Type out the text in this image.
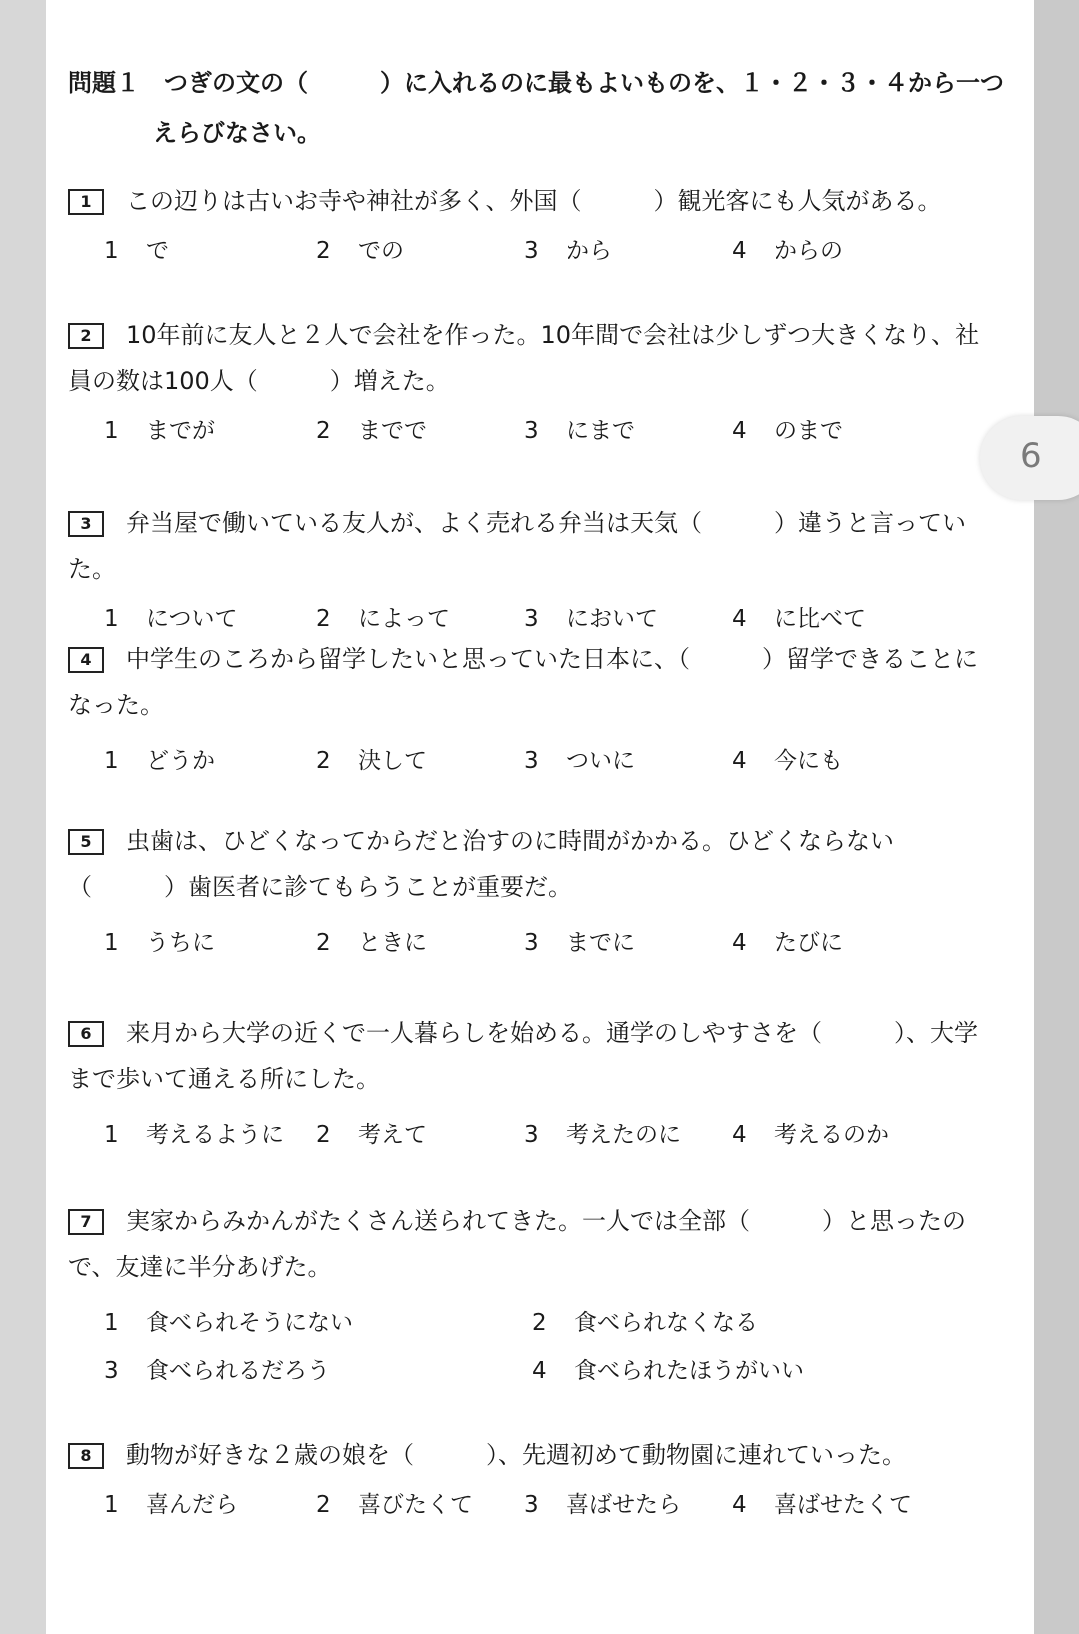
6
問題１　つぎの文の（　　　）に入れるのに最もよいものを、１・２・３・４から一つ
えらびなさい。
1 この辺りは古いお寺や神社が多く、外国（　　　）観光客にも人気がある。
1 で	2 での	3 から	4 からの
2 10年前に友人と２人で会社を作った。10年間で会社は少しずつ大きくなり、社員の数は100人（　　　）増えた。
1 までが	2 までで	3 にまで	4 のまで
3 弁当屋で働いている友人が、よく売れる弁当は天気（　　　）違うと言っていた。
1 について	2 によって	3 において	4 に比べて
4 中学生のころから留学したいと思っていた日本に、（　　　）留学できることになった。
1 どうか	2 決して	3 ついに	4 今にも
5 虫歯は、ひどくなってからだと治すのに時間がかかる。ひどくならない（　　　）歯医者に診てもらうことが重要だ。
1 うちに	2 ときに	3 までに	4 たびに
6 来月から大学の近くで一人暮らしを始める。通学のしやすさを（　　　）、大学まで歩いて通える所にした。
1 考えるように 2 考えて	3 考えたのに 4 考えるのか
7 実家からみかんがたくさん送られてきた。一人では全部（　　　）と思ったので、友達に半分あげた。
1 食べられそうにない	2 食べられなくなる
3 食べられるだろう	4 食べられたほうがいい
8 動物が好きな２歳の娘を（　　　）、先週初めて動物園に連れていった。
1 喜んだら	2 喜びたくて 3 喜ばせたら 4 喜ばせたくて
